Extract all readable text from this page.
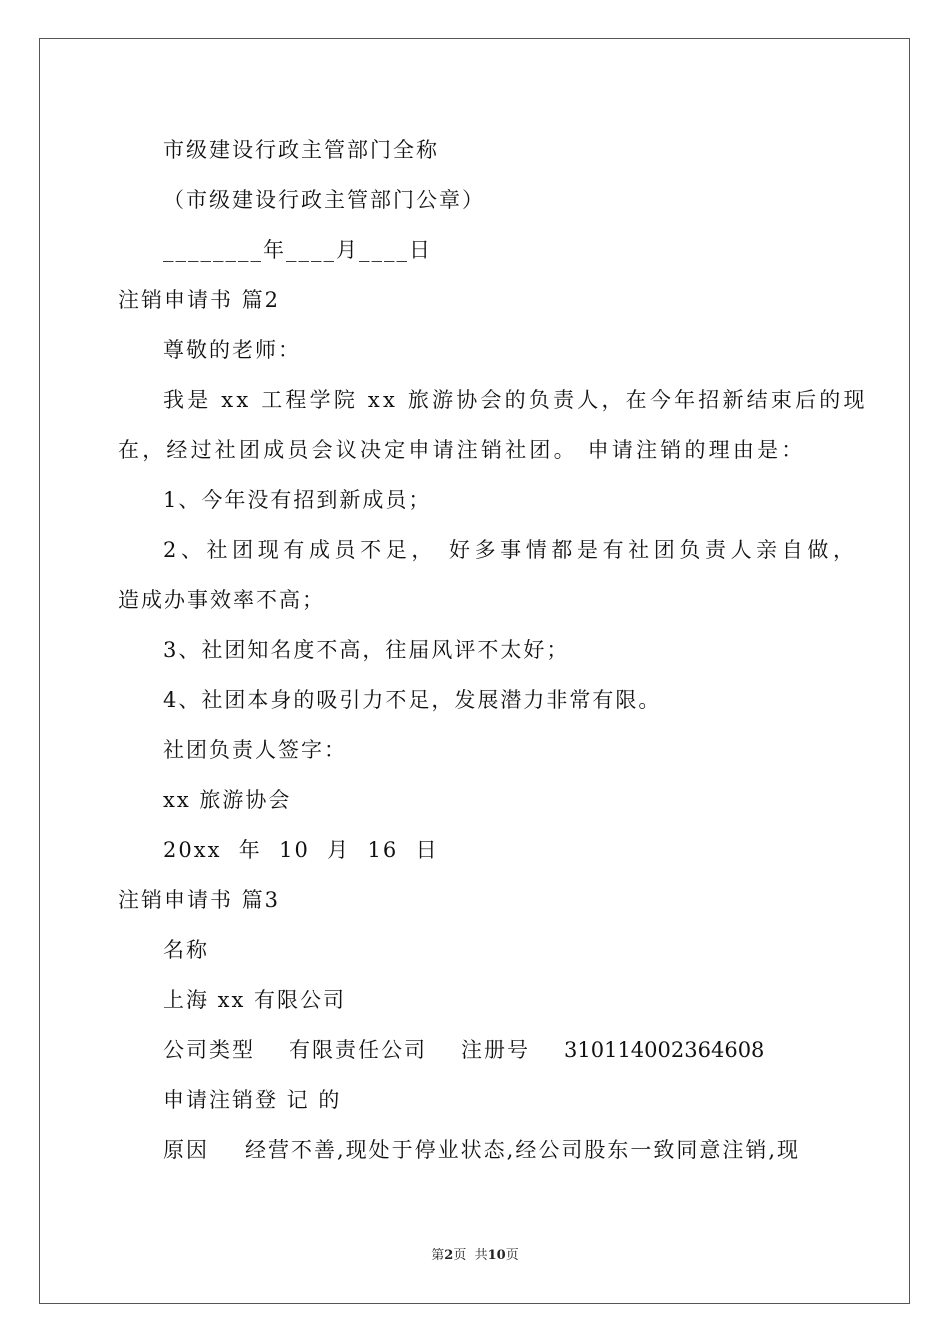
市级建设行政主管部门全称
（市级建设行政主管部门公章）
________年____月____日
注销申请书 篇2
尊敬的老师：
我是 xx 工程学院 xx 旅游协会的负责人，在今年招新结束后的现
在，经过社团成员会议决定申请注销社团。 申请注销的理由是：
1、今年没有招到新成员；
2、社团现有成员不足， 好多事情都是有社团负责人亲自做，
造成办事效率不高；
3、社团知名度不高，往届风评不太好；
4、社团本身的吸引力不足，发展潜力非常有限。
社团负责人签字：
xx 旅游协会
20xx  年  10  月  16  日
注销申请书 篇3
名称
上海 xx 有限公司
公司类型 有限责任公司 注册号 310114002364608
申请注销登 记 的
原因 经营不善,现处于停业状态,经公司股东一致同意注销,现
第2页  共10页
